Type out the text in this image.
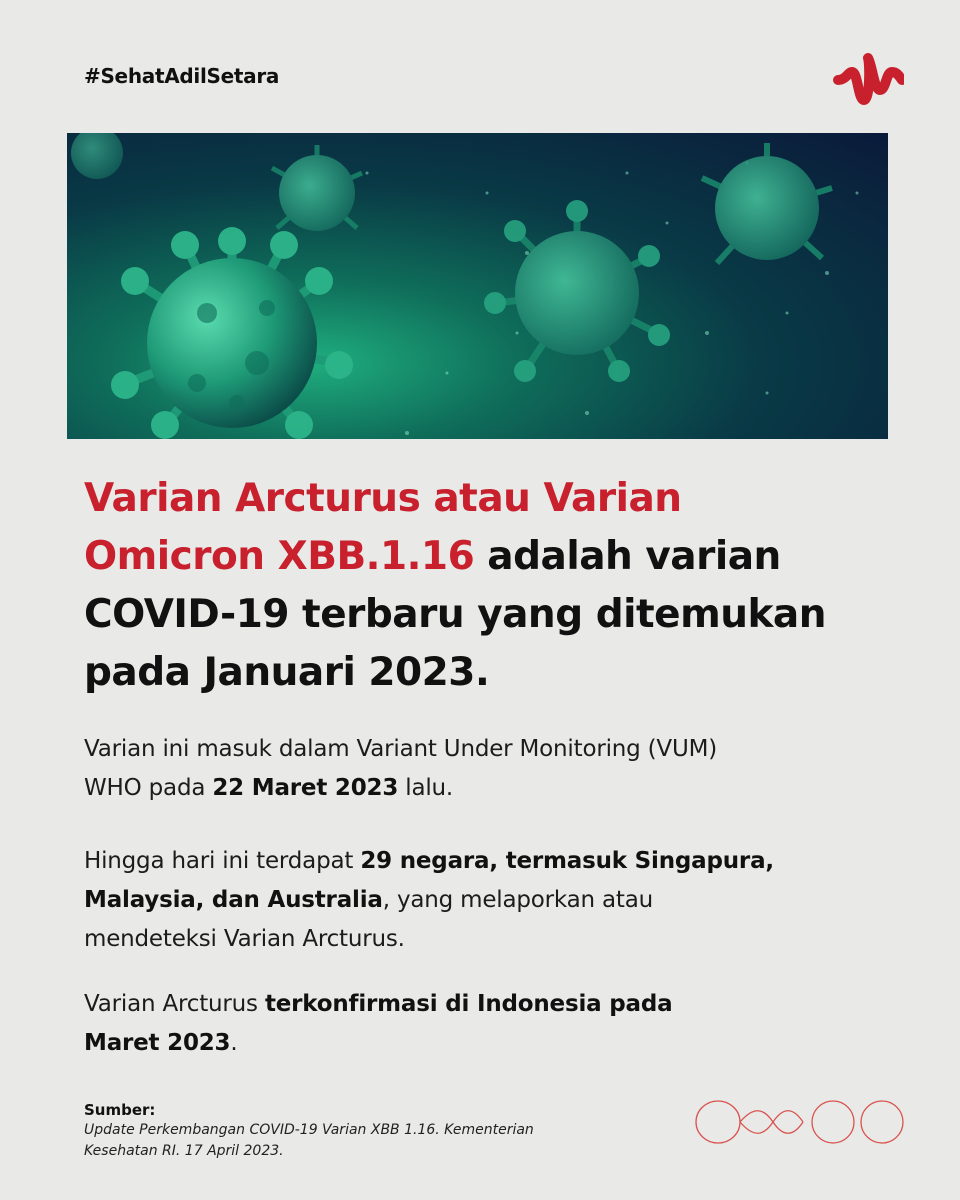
#SehatAdilSetara
Varian Arcturus atau Varian
Omicron XBB.1.16 adalah varian
COVID-19 terbaru yang ditemukan
pada Januari 2023.

Varian ini masuk dalam Variant Under Monitoring (VUM)
WHO pada 22 Maret 2023 lalu.

Hingga hari ini terdapat 29 negara, termasuk Singapura,
Malaysia, dan Australia, yang melaporkan atau
mendeteksi Varian Arcturus.

Varian Arcturus terkonfirmasi di Indonesia pada
Maret 2023.

Sumber:
Update Perkembangan COVID-19 Varian XBB 1.16. Kementerian
Kesehatan RI. 17 April 2023.
